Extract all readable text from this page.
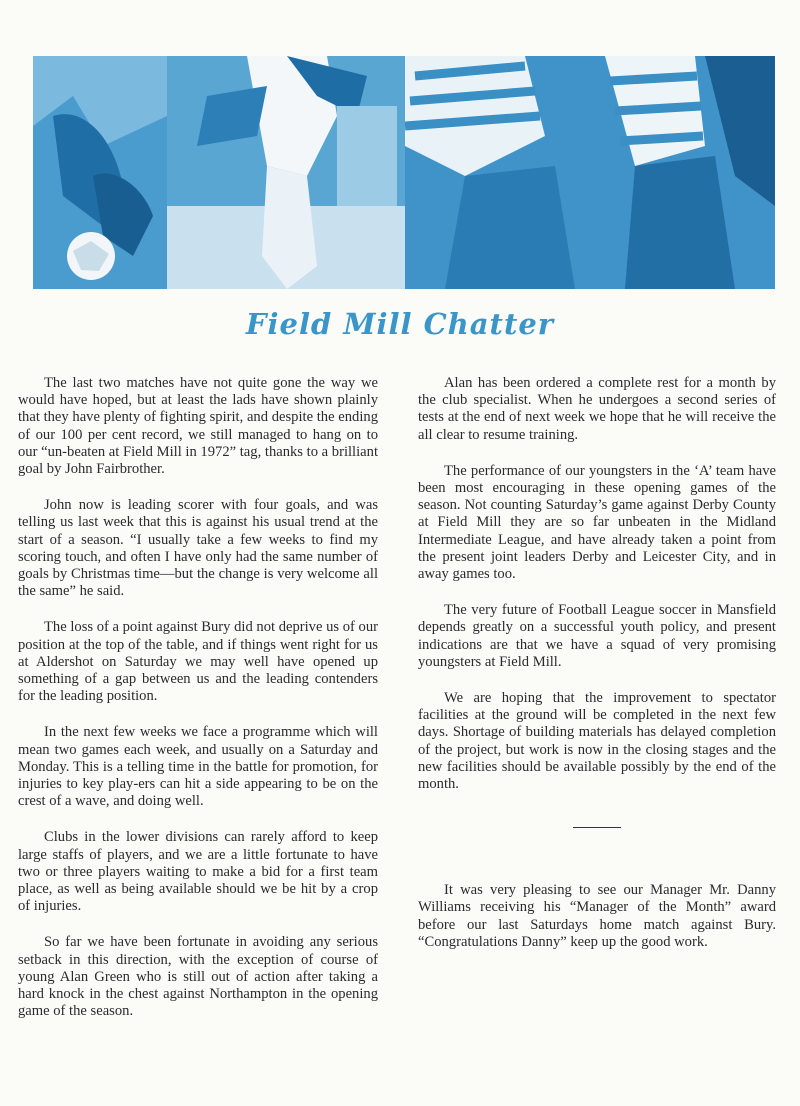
Field Mill Chatter

The last two matches have not quite gone the way we would have hoped, but at least the lads have shown plainly that they have plenty of fighting spirit, and despite the ending of our 100 per cent record, we still managed to hang on to our “un-beaten at Field Mill in 1972” tag, thanks to a brilliant goal by John Fairbrother.

John now is leading scorer with four goals, and was telling us last week that this is against his usual trend at the start of a season. “I usually take a few weeks to find my scoring touch, and often I have only had the same number of goals by Christmas time—but the change is very welcome all the same” he said.

The loss of a point against Bury did not deprive us of our position at the top of the table, and if things went right for us at Aldershot on Saturday we may well have opened up something of a gap between us and the leading contenders for the leading position.

In the next few weeks we face a programme which will mean two games each week, and usually on a Saturday and Monday. This is a telling time in the battle for promotion, for injuries to key play-ers can hit a side appearing to be on the crest of a wave, and doing well.

Clubs in the lower divisions can rarely afford to keep large staffs of players, and we are a little fortunate to have two or three players waiting to make a bid for a first team place, as well as being available should we be hit by a crop of injuries.

So far we have been fortunate in avoiding any serious setback in this direction, with the exception of course of young Alan Green who is still out of action after taking a hard knock in the chest against Northampton in the opening game of the season.

Alan has been ordered a complete rest for a month by the club specialist. When he undergoes a second series of tests at the end of next week we hope that he will receive the all clear to resume training.

The performance of our youngsters in the ‘A’ team have been most encouraging in these opening games of the season. Not counting Saturday’s game against Derby County at Field Mill they are so far unbeaten in the Midland Intermediate League, and have already taken a point from the present joint leaders Derby and Leicester City, and in away games too.

The very future of Football League soccer in Mansfield depends greatly on a successful youth policy, and present indications are that we have a squad of very promising youngsters at Field Mill.

We are hoping that the improvement to spectator facilities at the ground will be completed in the next few days. Shortage of building materials has delayed completion of the project, but work is now in the closing stages and the new facilities should be available possibly by the end of the month.

It was very pleasing to see our Manager Mr. Danny Williams receiving his “Manager of the Month” award before our last Saturdays home match against Bury. “Congratulations Danny” keep up the good work.
